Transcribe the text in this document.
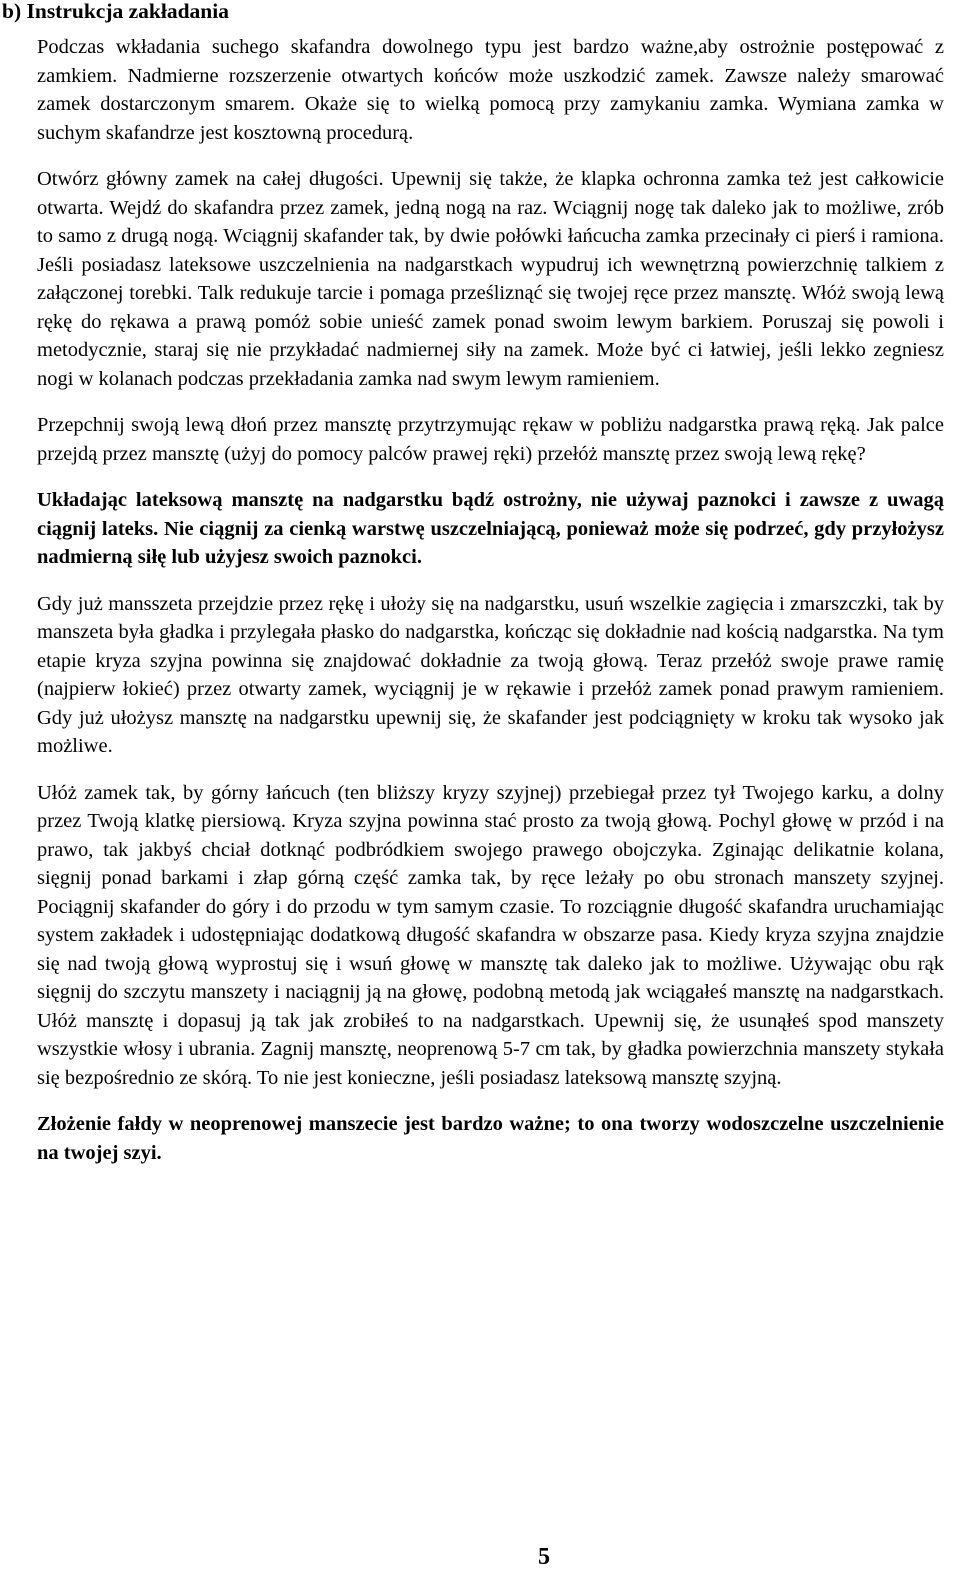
b) Instrukcja zakładania

Podczas wkładania suchego skafandra dowolnego typu jest bardzo ważne,aby ostrożnie postępować z zamkiem. Nadmierne rozszerzenie otwartych końców może uszkodzić zamek. Zawsze należy smarować zamek dostarczonym smarem. Okaże się to wielką pomocą przy zamykaniu zamka. Wymiana zamka w suchym skafandrze jest kosztowną procedurą.

Otwórz główny zamek na całej długości. Upewnij się także, że klapka ochronna zamka też jest całkowicie otwarta. Wejdź do skafandra przez zamek, jedną nogą na raz. Wciągnij nogę tak daleko jak to możliwe, zrób to samo z drugą nogą. Wciągnij skafander tak, by dwie połówki łańcucha zamka przecinały ci pierś i ramiona. Jeśli posiadasz lateksowe uszczelnienia na nadgarstkach wypudruj ich wewnętrzną powierzchnię talkiem z załączonej torebki. Talk redukuje tarcie i pomaga prześliznąć się twojej ręce przez mansztę. Włóż swoją lewą rękę do rękawa a prawą pomóż sobie unieść zamek ponad swoim lewym barkiem. Poruszaj się powoli i metodycznie, staraj się nie przykładać nadmiernej siły na zamek. Może być ci łatwiej, jeśli lekko zegniesz nogi w kolanach podczas przekładania zamka nad swym lewym ramieniem.

Przepchnij swoją lewą dłoń przez mansztę przytrzymując rękaw w pobliżu nadgarstka prawą ręką. Jak palce przejdą przez mansztę (użyj do pomocy palców prawej ręki) przełóż mansztę przez swoją lewą rękę?

Układając lateksową mansztę na nadgarstku bądź ostrożny, nie używaj paznokci i zawsze z uwagą ciągnij lateks. Nie ciągnij za cienką warstwę uszczelniającą, ponieważ może się podrzeć, gdy przyłożysz nadmierną siłę lub użyjesz swoich paznokci.

Gdy już mansszeta przejdzie przez rękę i ułoży się na nadgarstku, usuń wszelkie zagięcia i zmarszczki, tak by manszeta była gładka i przylegała płasko do nadgarstka, kończąc się dokładnie nad kością nadgarstka. Na tym etapie kryza szyjna powinna się znajdować dokładnie za twoją głową. Teraz przełóż swoje prawe ramię (najpierw łokieć) przez otwarty zamek, wyciągnij je w rękawie i przełóż zamek ponad prawym ramieniem. Gdy już ułożysz mansztę na nadgarstku upewnij się, że skafander jest podciągnięty w kroku tak wysoko jak możliwe.

Ułóż zamek tak, by górny łańcuch (ten bliższy kryzy szyjnej) przebiegał przez tył Twojego karku, a dolny przez Twoją klatkę piersiową. Kryza szyjna powinna stać prosto za twoją głową. Pochyl głowę w przód i na prawo, tak jakbyś chciał dotknąć podbródkiem swojego prawego obojczyka. Zginając delikatnie kolana, sięgnij ponad barkami i złap górną część zamka tak, by ręce leżały po obu stronach manszety szyjnej. Pociągnij skafander do góry i do przodu w tym samym czasie. To rozciągnie długość skafandra uruchamiając system zakładek i udostępniając dodatkową długość skafandra w obszarze pasa. Kiedy kryza szyjna znajdzie się nad twoją głową wyprostuj się i wsuń głowę w mansztę tak daleko jak to możliwe. Używając obu rąk sięgnij do szczytu manszety i naciągnij ją na głowę, podobną metodą jak wciągałeś mansztę na nadgarstkach. Ułóż mansztę i dopasuj ją tak jak zrobiłeś to na nadgarstkach. Upewnij się, że usunąłeś spod manszety wszystkie włosy i ubrania. Zagnij mansztę, neoprenową 5-7 cm tak, by gładka powierzchnia manszety stykała się bezpośrednio ze skórą. To nie jest konieczne, jeśli posiadasz lateksową mansztę szyjną.

Złożenie fałdy w neoprenowej manszecie jest bardzo ważne; to ona tworzy wodoszczelne uszczelnienie na twojej szyi.

5
